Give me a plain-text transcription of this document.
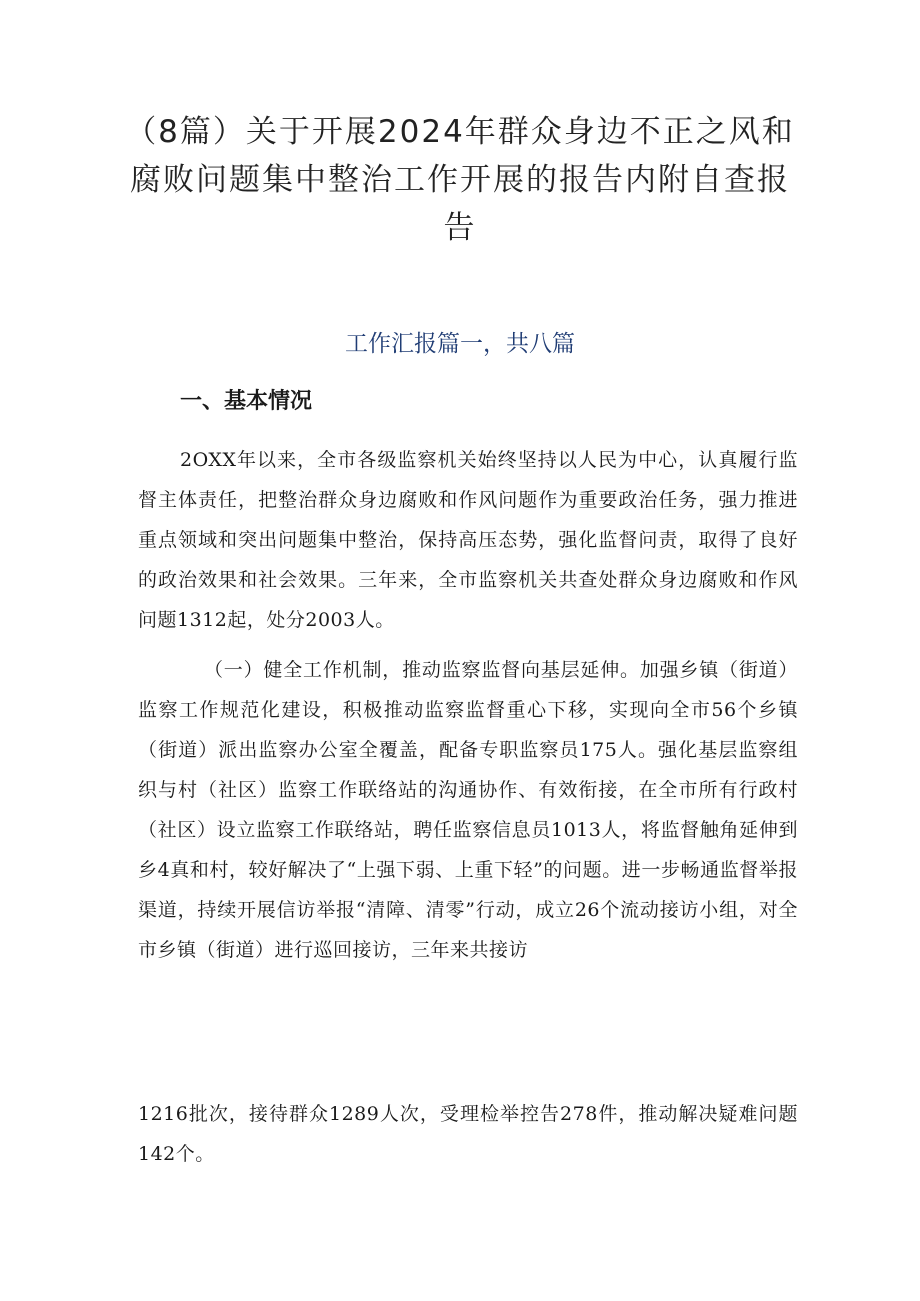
（8篇）关于开展2024年群众身边不正之风和腐败问题集中整治工作开展的报告内附自查报告
工作汇报篇一，共八篇
一、基本情况

2OXX年以来，全市各级监察机关始终坚持以人民为中心，认真履行监督主体责任，把整治群众身边腐败和作风问题作为重要政治任务，强力推进重点领域和突出问题集中整治，保持高压态势，强化监督问责，取得了良好的政治效果和社会效果。三年来，全市监察机关共查处群众身边腐败和作风问题1312起，处分2003人。

（一）健全工作机制，推动监察监督向基层延伸。加强乡镇（街道）监察工作规范化建设，积极推动监察监督重心下移，实现向全市56个乡镇（街道）派出监察办公室全覆盖，配备专职监察员175人。强化基层监察组织与村（社区）监察工作联络站的沟通协作、有效衔接，在全市所有行政村（社区）设立监察工作联络站，聘任监察信息员1013人，将监督触角延伸到乡4真和村，较好解决了“上强下弱、上重下轻”的问题。进一步畅通监督举报渠道，持续开展信访举报“清障、清零”行动，成立26个流动接访小组，对全市乡镇（街道）进行巡回接访，三年来共接访

1216批次，接待群众1289人次，受理检举控告278件，推动解决疑难问题142个。
